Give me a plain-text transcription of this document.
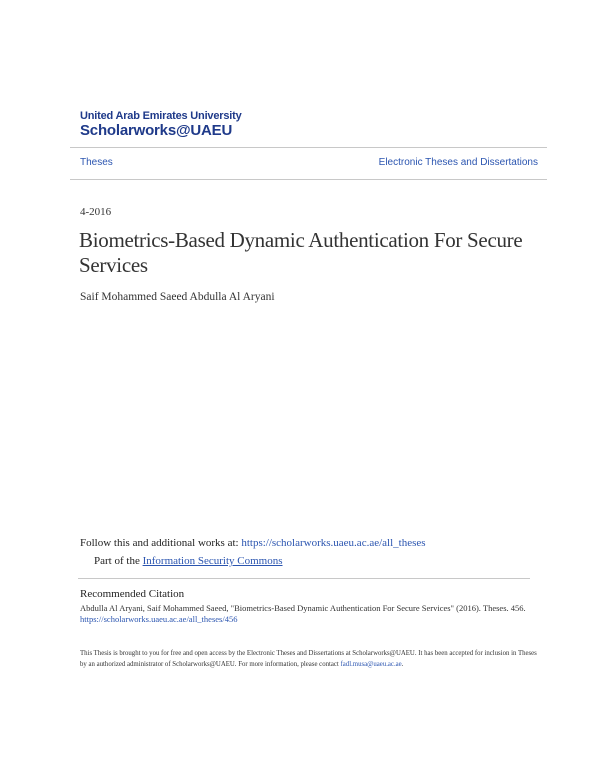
United Arab Emirates University
Scholarworks@UAEU
Theses	Electronic Theses and Dissertations
4-2016
Biometrics-Based Dynamic Authentication For Secure Services
Saif Mohammed Saeed Abdulla Al Aryani
Follow this and additional works at: https://scholarworks.uaeu.ac.ae/all_theses
Part of the Information Security Commons
Recommended Citation
Abdulla Al Aryani, Saif Mohammed Saeed, "Biometrics-Based Dynamic Authentication For Secure Services" (2016). Theses. 456.
https://scholarworks.uaeu.ac.ae/all_theses/456
This Thesis is brought to you for free and open access by the Electronic Theses and Dissertations at Scholarworks@UAEU. It has been accepted for inclusion in Theses by an authorized administrator of Scholarworks@UAEU. For more information, please contact fadl.musa@uaeu.ac.ae.
